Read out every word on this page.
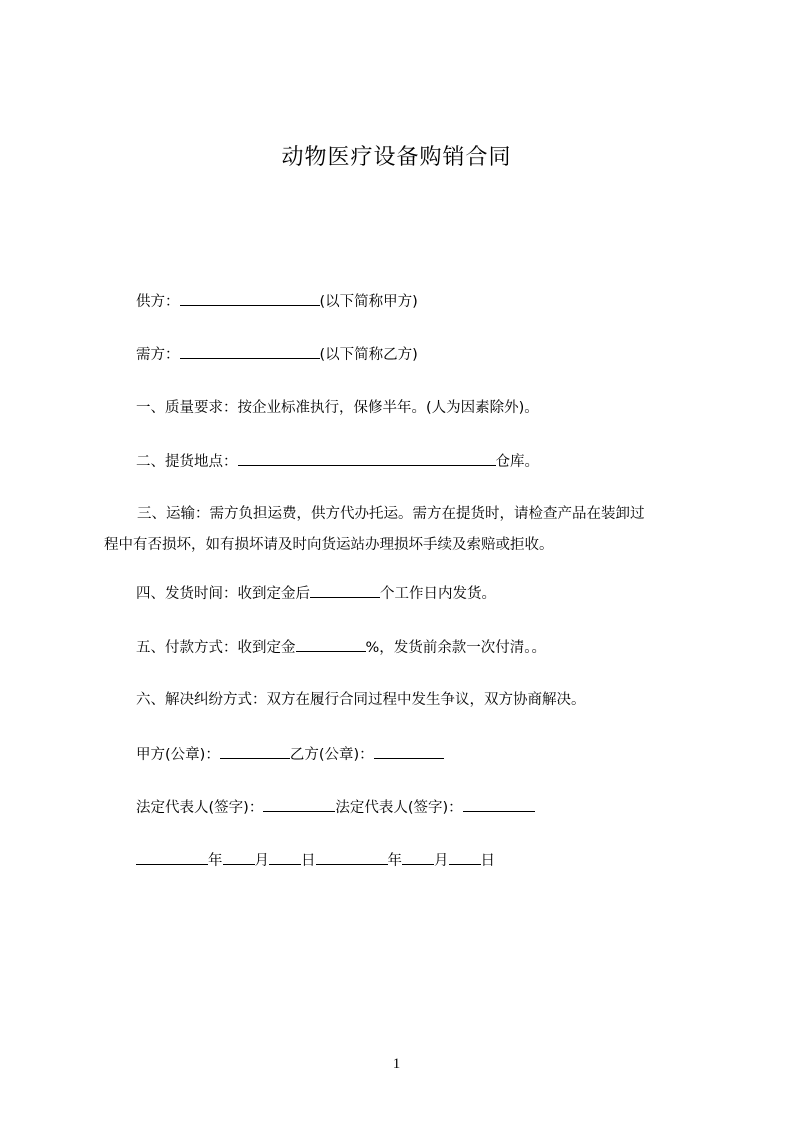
动物医疗设备购销合同
供方：	(以下简称甲方)
需方：	(以下简称乙方)
一、质量要求：按企业标准执行，保修半年。(人为因素除外)。
二、提货地点：	仓库。
三、运输：需方负担运费，供方代办托运。需方在提货时，请检查产品在装卸过
程中有否损坏，如有损坏请及时向货运站办理损坏手续及索赔或拒收。
四、发货时间：收到定金后	个工作日内发货。
五、付款方式：收到定金	%，发货前余款一次付清。。
六、解决纠纷方式：双方在履行合同过程中发生争议，双方协商解决。
甲方(公章)：	乙方(公章)：
法定代表人(签字)：	法定代表人(签字)：
年 月 日	年 月 日
1
